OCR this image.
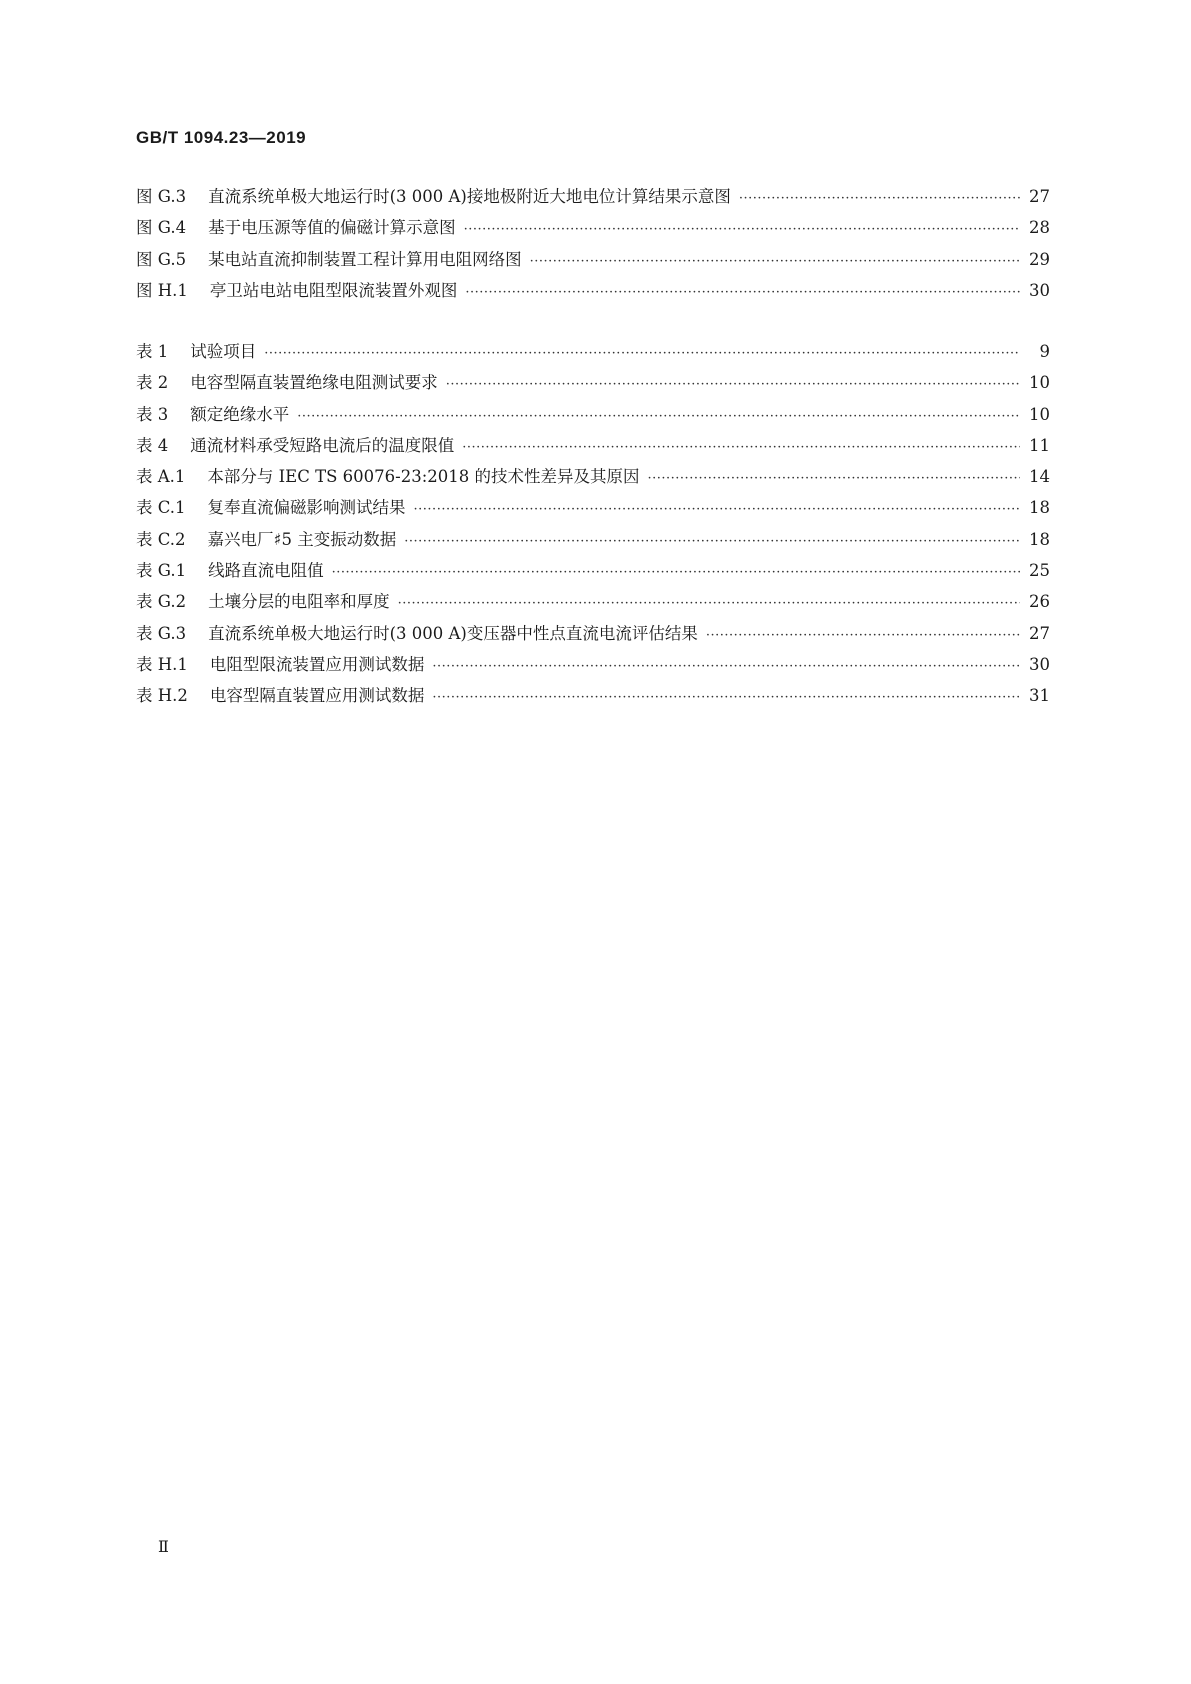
GB/T 1094.23—2019
图 G.3 直流系统单极大地运行时(3 000 A)接地极附近大地电位计算结果示意图 ·····	27
图 G.4 基于电压源等值的偏磁计算示意图 ·····	28
图 G.5 某电站直流抑制装置工程计算用电阻网络图 ·····	29
图 H.1 亭卫站电站电阻型限流装置外观图 ·····	30
表 1 试验项目 ·····	9
表 2 电容型隔直装置绝缘电阻测试要求 ·····	10
表 3 额定绝缘水平 ·····	10
表 4 通流材料承受短路电流后的温度限值 ·····	11
表 A.1 本部分与 IEC TS 60076-23:2018 的技术性差异及其原因 ·····	14
表 C.1 复奉直流偏磁影响测试结果 ·····	18
表 C.2 嘉兴电厂♯5 主变振动数据 ·····	18
表 G.1 线路直流电阻值 ·····	25
表 G.2 土壤分层的电阻率和厚度 ·····	26
表 G.3 直流系统单极大地运行时(3 000 A)变压器中性点直流电流评估结果 ·····	27
表 H.1 电阻型限流装置应用测试数据 ·····	30
表 H.2 电容型隔直装置应用测试数据 ·····	31
Ⅱ
